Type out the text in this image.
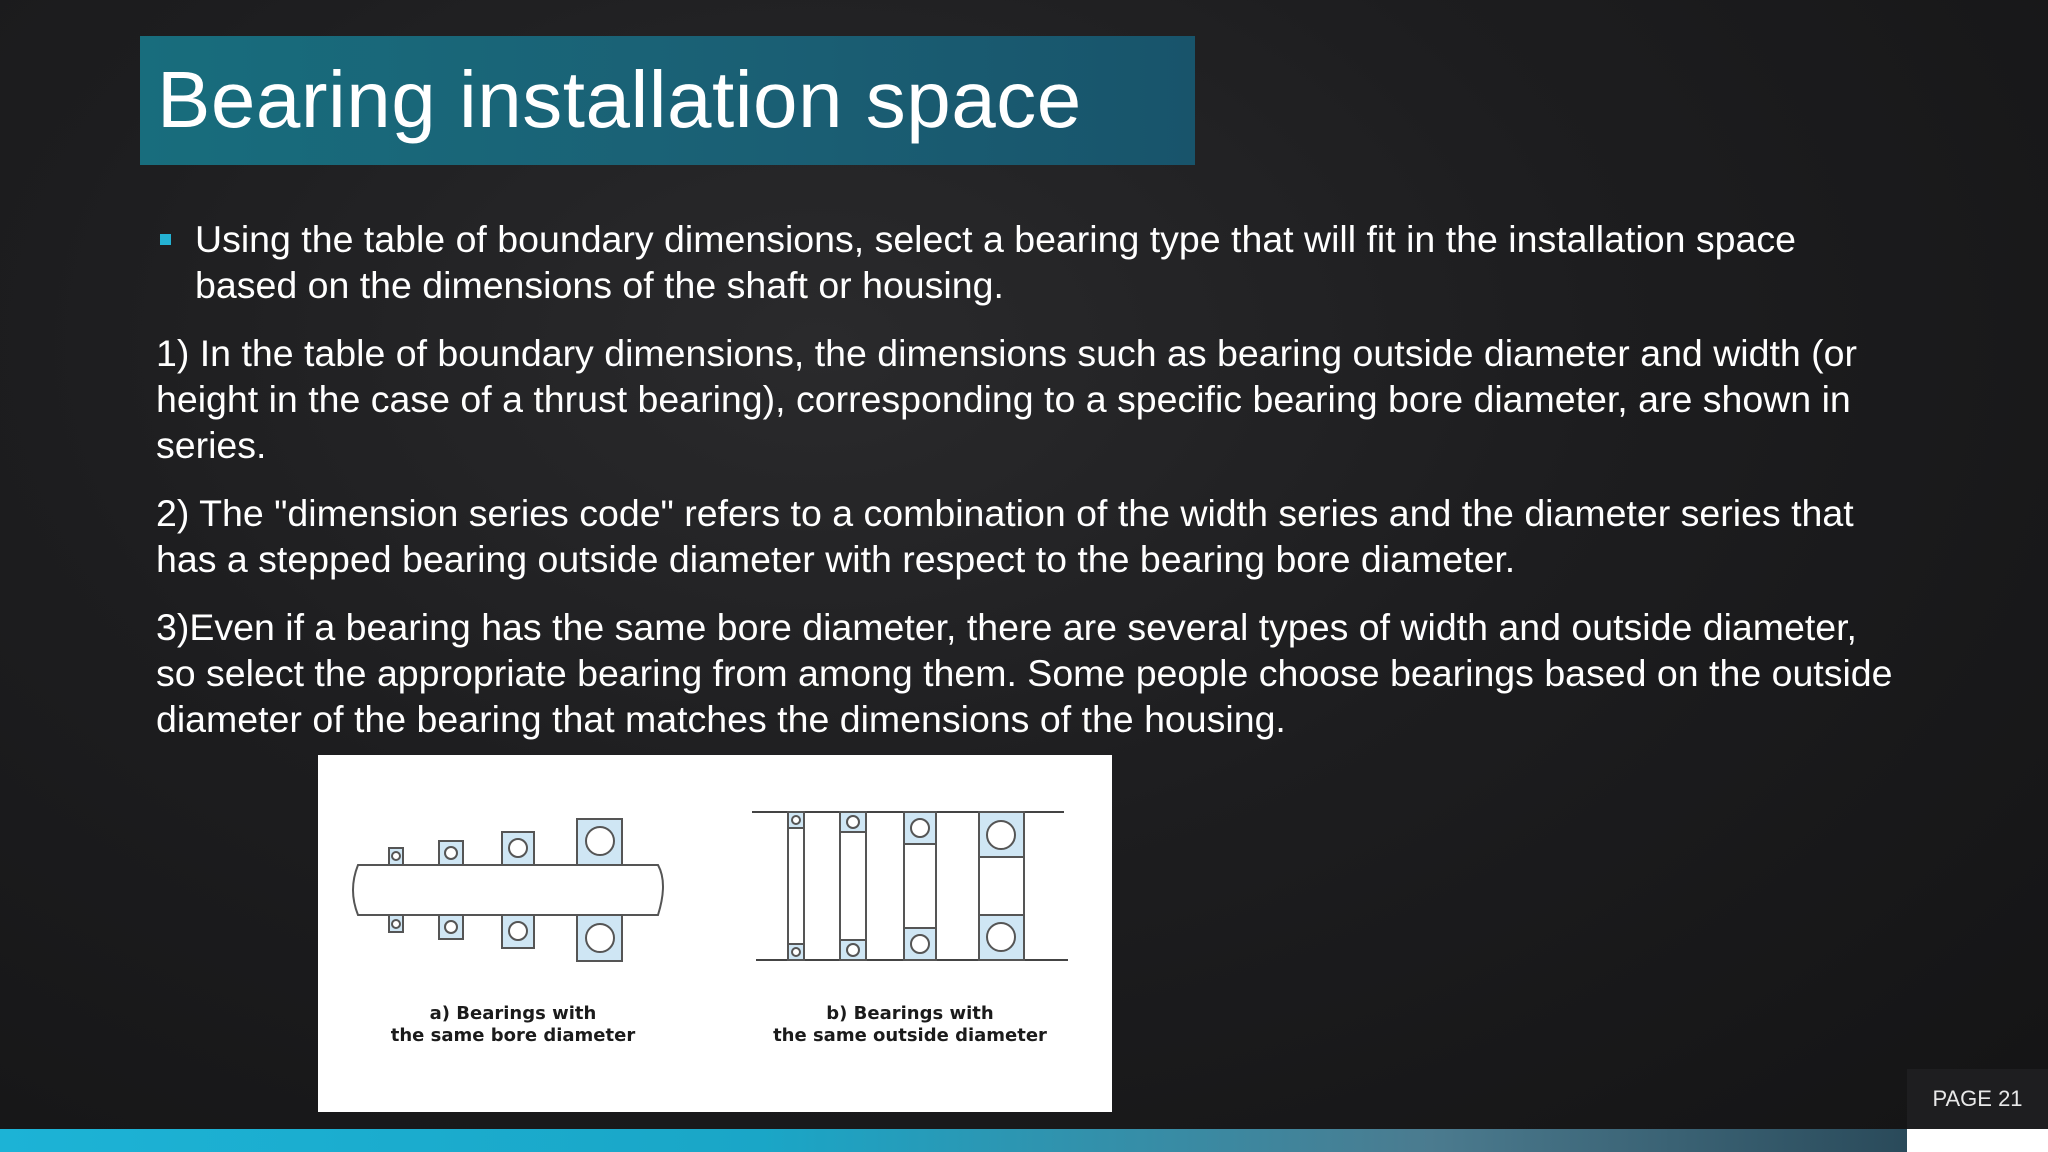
Bearing installation space
Using the table of boundary dimensions, select a bearing type that will fit in the installation space based on the dimensions of the shaft or housing.
1) In the table of boundary dimensions, the dimensions such as bearing outside diameter and width (or height in the case of a thrust bearing), corresponding to a specific bearing bore diameter, are shown in series.
2) The "dimension series code" refers to a combination of the width series and the diameter series that has a stepped bearing outside diameter with respect to the bearing bore diameter.
3)Even if a bearing has the same bore diameter, there are several types of width and outside diameter, so select the appropriate bearing from among them. Some people choose bearings based on the outside diameter of the bearing that matches the dimensions of the housing.
a) Bearings with
the same bore diameter
b) Bearings with
the same outside diameter
PAGE 21
